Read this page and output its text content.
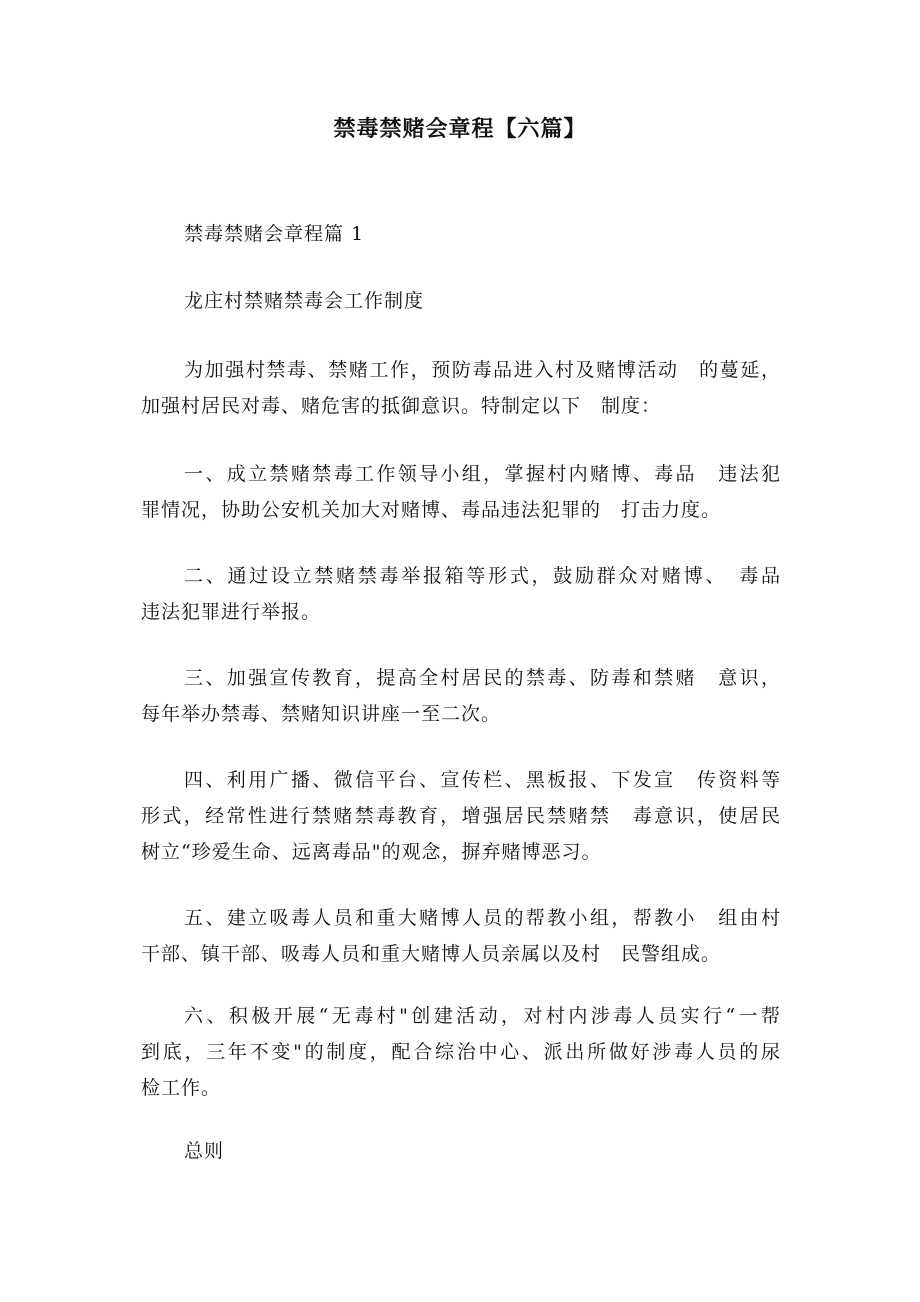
禁毒禁赌会章程【六篇】
禁毒禁赌会章程篇 1
龙庄村禁赌禁毒会工作制度
为加强村禁毒、禁赌工作，预防毒品进入村及赌博活动　的蔓延，
加强村居民对毒、赌危害的抵御意识。特制定以下　制度：
一、成立禁赌禁毒工作领导小组，掌握村内赌博、毒品　违法犯
罪情况，协助公安机关加大对赌博、毒品违法犯罪的　打击力度。
二、通过设立禁赌禁毒举报箱等形式，鼓励群众对赌博、　毒品
违法犯罪进行举报。
三、加强宣传教育，提高全村居民的禁毒、防毒和禁赌　意识，
每年举办禁毒、禁赌知识讲座一至二次。
四、利用广播、微信平台、宣传栏、黑板报、下发宣　传资料等
形式，经常性进行禁赌禁毒教育，增强居民禁赌禁　毒意识，使居民
树立“珍爱生命、远离毒品"的观念，摒弃赌博恶习。
五、建立吸毒人员和重大赌博人员的帮教小组，帮教小　组由村
干部、镇干部、吸毒人员和重大赌博人员亲属以及村　民警组成。
六、积极开展“无毒村"创建活动，对村内涉毒人员实行“一帮
到底，三年不变"的制度，配合综治中心、派出所做好涉毒人员的尿
检工作。
总则
